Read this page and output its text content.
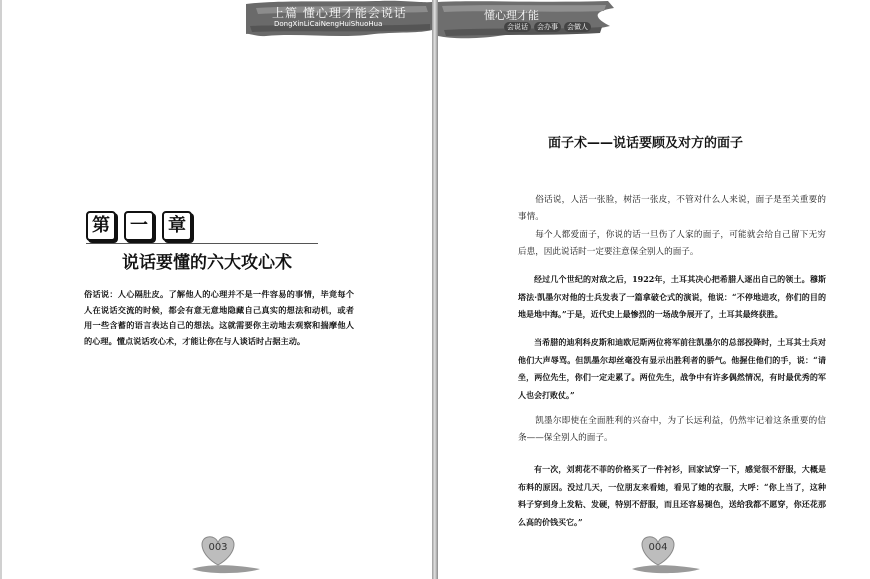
上篇 懂心理才能会说话
DongXinLiCaiNengHuiShuoHua
第	一	章
说话要懂的六大攻心术
俗话说：人心隔肚皮。了解他人的心理并不是一件容易的事情，毕竟每个人在说话交流的时候，都会有意无意地隐藏自己真实的想法和动机，或者用一些含蓄的语言表达自己的想法。这就需要你主动地去观察和揣摩他人的心理。懂点说话攻心术，才能让你在与人谈话时占据主动。
003
懂心理才能
会说话	会办事	会做人
面子术——说话要顾及对方的面子
俗话说，人活一张脸，树活一张皮，不管对什么人来说，面子是至关重要的事情。
每个人都爱面子，你说的话一旦伤了人家的面子，可能就会给自己留下无穷后患，因此说话时一定要注意保全别人的面子。
经过几个世纪的对敌之后，1922年，土耳其决心把希腊人逐出自己的领土。穆斯塔法·凯墨尔对他的士兵发表了一篇拿破仑式的演说，他说：“不停地进攻，你们的目的地是地中海。”于是，近代史上最惨烈的一场战争展开了，土耳其最终获胜。
当希腊的迪利科皮斯和迪欧尼斯两位将军前往凯墨尔的总部投降时，土耳其士兵对他们大声辱骂。但凯墨尔却丝毫没有显示出胜利者的骄气。他握住他们的手，说：“请坐，两位先生，你们一定走累了。两位先生，战争中有许多偶然情况，有时最优秀的军人也会打败仗。”
凯墨尔即使在全面胜利的兴奋中，为了长远利益，仍然牢记着这条重要的信条——保全别人的面子。
有一次，刘莉花不菲的价格买了一件衬衫，回家试穿一下，感觉很不舒服，大概是布料的原因。没过几天，一位朋友来看她，看见了她的衣服，大呼：“你上当了，这种料子穿到身上发粘、发硬，特别不舒服，而且还容易褪色，送给我都不愿穿，你还花那么高的价钱买它。”
004
